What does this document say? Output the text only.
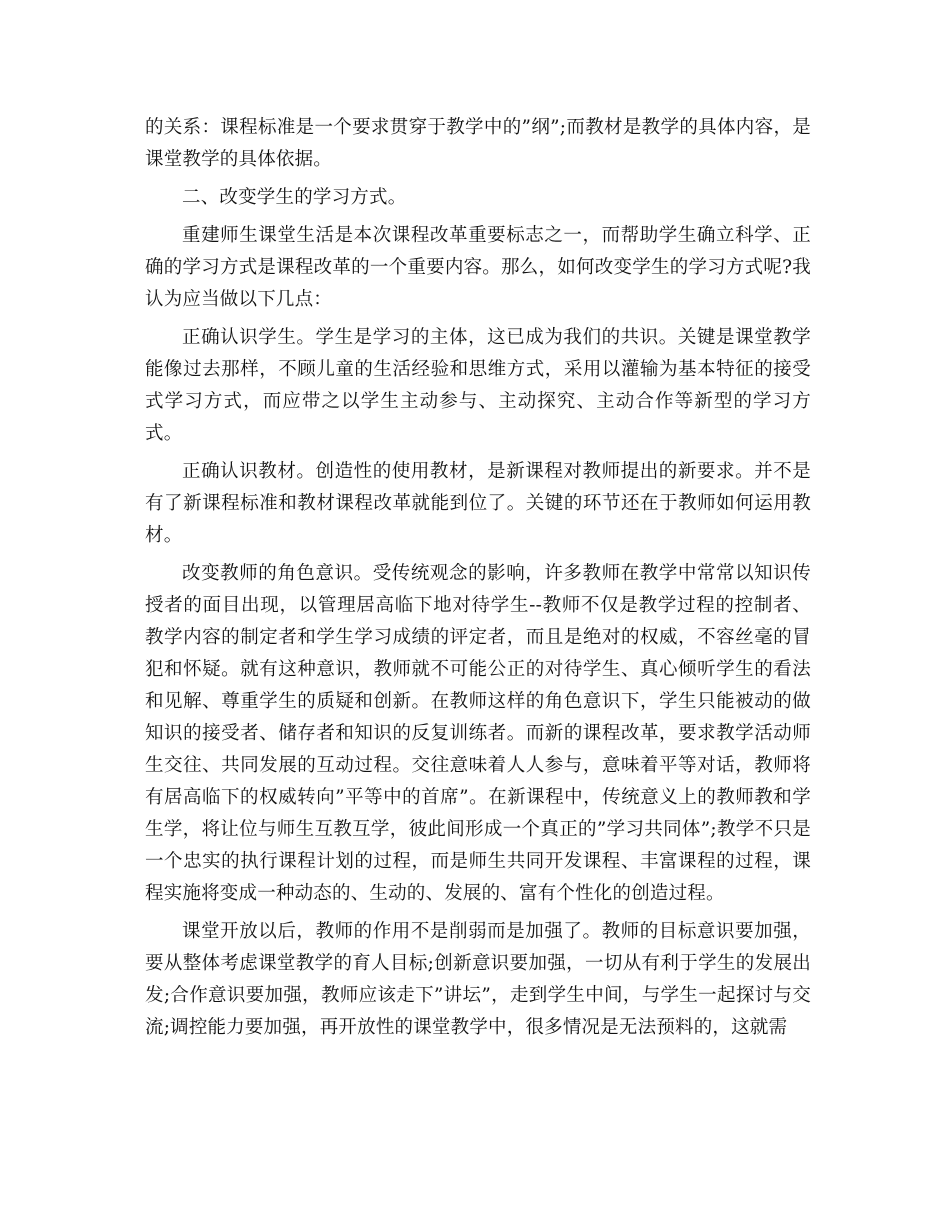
的关系：课程标准是一个要求贯穿于教学中的”纲”;而教材是教学的具体内容，是课堂教学的具体依据。

二、改变学生的学习方式。

重建师生课堂生活是本次课程改革重要标志之一，而帮助学生确立科学、正确的学习方式是课程改革的一个重要内容。那么，如何改变学生的学习方式呢?我认为应当做以下几点：

正确认识学生。学生是学习的主体，这已成为我们的共识。关键是课堂教学能像过去那样，不顾儿童的生活经验和思维方式，采用以灌输为基本特征的接受式学习方式，而应带之以学生主动参与、主动探究、主动合作等新型的学习方式。

正确认识教材。创造性的使用教材，是新课程对教师提出的新要求。并不是有了新课程标准和教材课程改革就能到位了。关键的环节还在于教师如何运用教材。

改变教师的角色意识。受传统观念的影响，许多教师在教学中常常以知识传授者的面目出现，以管理居高临下地对待学生--教师不仅是教学过程的控制者、教学内容的制定者和学生学习成绩的评定者，而且是绝对的权威，不容丝毫的冒犯和怀疑。就有这种意识，教师就不可能公正的对待学生、真心倾听学生的看法和见解、尊重学生的质疑和创新。在教师这样的角色意识下，学生只能被动的做知识的接受者、储存者和知识的反复训练者。而新的课程改革，要求教学活动师生交往、共同发展的互动过程。交往意味着人人参与，意味着平等对话，教师将有居高临下的权威转向”平等中的首席”。在新课程中，传统意义上的教师教和学生学，将让位与师生互教互学，彼此间形成一个真正的”学习共同体”;教学不只是一个忠实的执行课程计划的过程，而是师生共同开发课程、丰富课程的过程，课程实施将变成一种动态的、生动的、发展的、富有个性化的创造过程。

课堂开放以后，教师的作用不是削弱而是加强了。教师的目标意识要加强，要从整体考虑课堂教学的育人目标;创新意识要加强，一切从有利于学生的发展出发;合作意识要加强，教师应该走下”讲坛”，走到学生中间，与学生一起探讨与交流;调控能力要加强，再开放性的课堂教学中，很多情况是无法预料的，这就需
